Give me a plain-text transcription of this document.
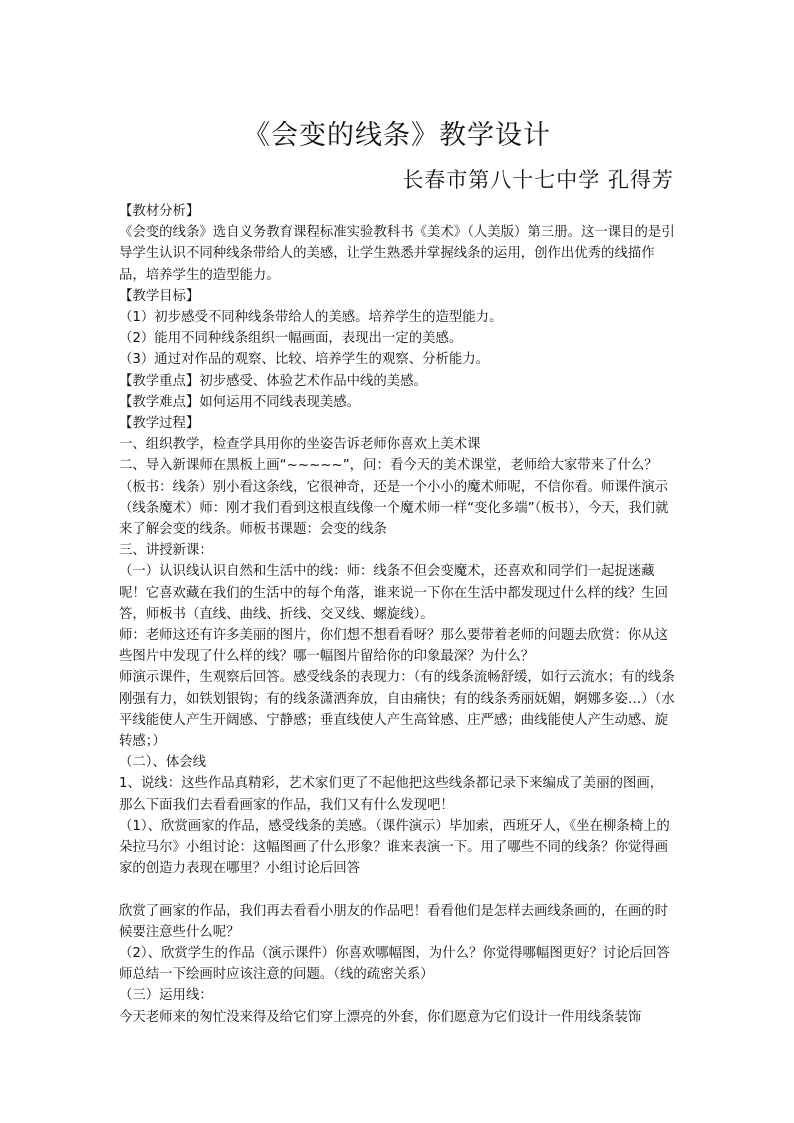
《会变的线条》教学设计
长春市第八十七中学 孔得芳

【教材分析】

《会变的线条》选自义务教育课程标准实验教科书《美术》（人美版）第三册。这一课目的是引导学生认识不同种线条带给人的美感，让学生熟悉并掌握线条的运用，创作出优秀的线描作品，培养学生的造型能力。

【教学目标】

（1）初步感受不同种线条带给人的美感。培养学生的造型能力。

（2）能用不同种线条组织一幅画面，表现出一定的美感。

（3）通过对作品的观察、比较、培养学生的观察、分析能力。

【教学重点】初步感受、体验艺术作品中线的美感。

【教学难点】如何运用不同线表现美感。

【教学过程】

一、组织教学，检查学具用你的坐姿告诉老师你喜欢上美术课

二、导入新课师在黑板上画“~~~~~”，问：看今天的美术课堂，老师给大家带来了什么？（板书：线条）别小看这条线，它很神奇，还是一个小小的魔术师呢，不信你看。师课件演示（线条魔术）师：刚才我们看到这根直线像一个魔术师一样“变化多端”（板书），今天，我们就来了解会变的线条。师板书课题：会变的线条

三、讲授新课：

（一）认识线认识自然和生活中的线：师：线条不但会变魔术，还喜欢和同学们一起捉迷藏呢！它喜欢藏在我们的生活中的每个角落，谁来说一下你在生活中都发现过什么样的线？生回答，师板书（直线、曲线、折线、交叉线、螺旋线）。

师：老师这还有许多美丽的图片，你们想不想看看呀？那么要带着老师的问题去欣赏：你从这些图片中发现了什么样的线？哪一幅图片留给你的印象最深？为什么？

师演示课件，生观察后回答。感受线条的表现力：（有的线条流畅舒缓，如行云流水；有的线条刚强有力，如铁划银钩；有的线条潇洒奔放，自由痛快；有的线条秀丽妩媚，婀娜多姿…）（水平线能使人产生开阔感、宁静感；垂直线使人产生高耸感、庄严感；曲线能使人产生动感、旋转感；）

（二）、体会线

1、说线：这些作品真精彩，艺术家们更了不起他把这些线条都记录下来编成了美丽的图画，那么下面我们去看看画家的作品，我们又有什么发现吧！

（1）、欣赏画家的作品，感受线条的美感。（课件演示）毕加索，西班牙人，《坐在柳条椅上的朵拉马尔》小组讨论：这幅图画了什么形象？谁来表演一下。用了哪些不同的线条？你觉得画家的创造力表现在哪里？小组讨论后回答

欣赏了画家的作品，我们再去看看小朋友的作品吧！看看他们是怎样去画线条画的，在画的时候要注意些什么呢？

（2）、欣赏学生的作品（演示课件）你喜欢哪幅图，为什么？你觉得哪幅图更好？讨论后回答师总结一下绘画时应该注意的问题。（线的疏密关系）

（三）运用线：

今天老师来的匆忙没来得及给它们穿上漂亮的外套，你们愿意为它们设计一件用线条装饰
